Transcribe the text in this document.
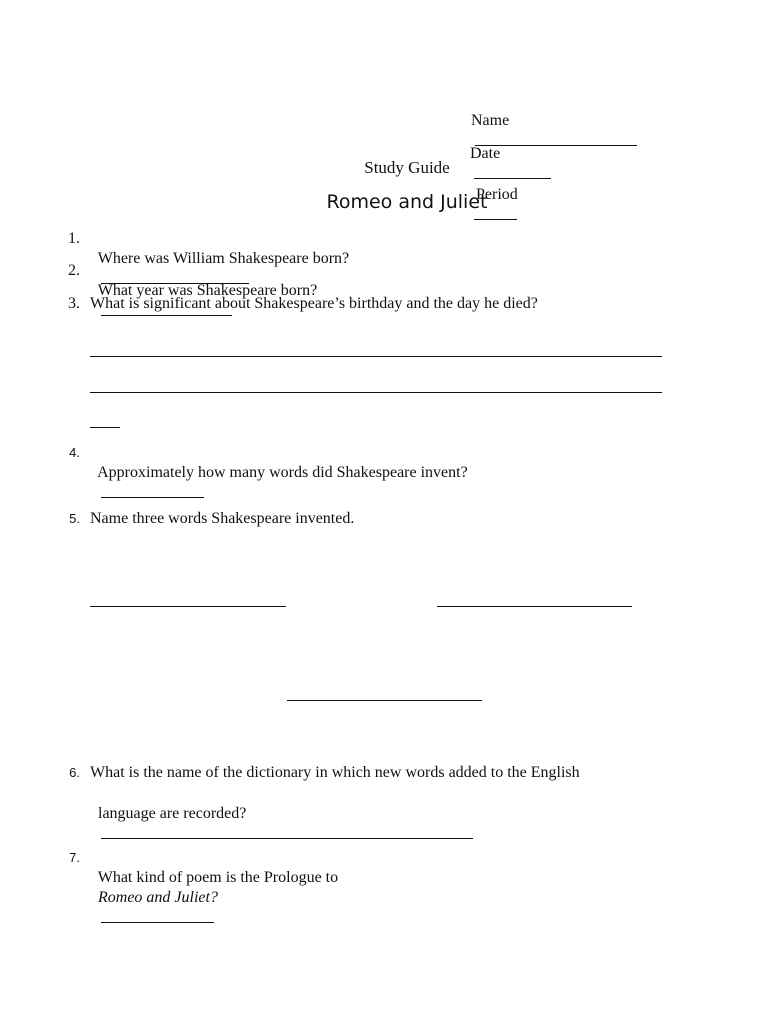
Name

Date

Period

Study Guide
Romeo and Juliet
1.

Where was William Shakespeare born?

2.

What year was Shakespeare born?

3. What is significant about Shakespeare’s birthday and the day he died?
4.

Approximately how many words did Shakespeare invent?

5. Name three words Shakespeare invented.
6. What is the name of the dictionary in which new words added to the English

language are recorded?

7.

What kind of poem is the Prologue to
Romeo and Juliet?
